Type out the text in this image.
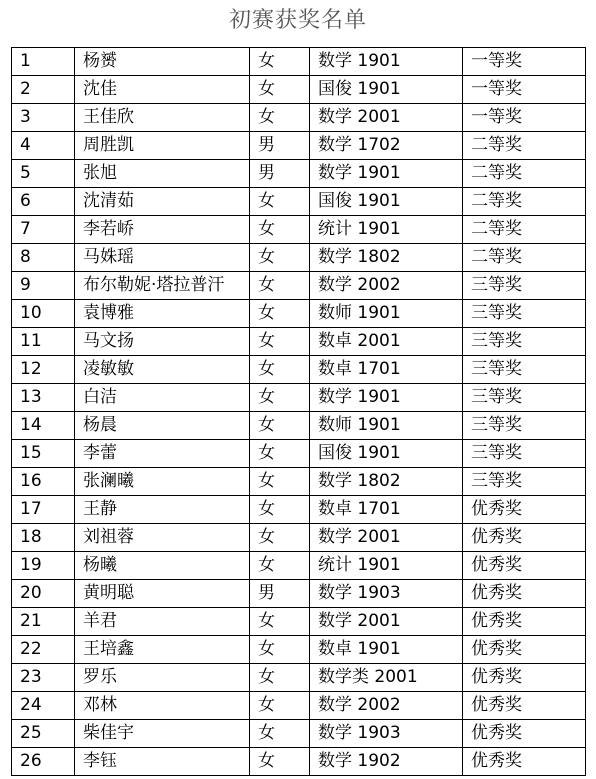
初赛获奖名单
1	杨赟	女	数学 1901	一等奖
2	沈佳	女	国俊 1901	一等奖
3	王佳欣	女	数学 2001	一等奖
4	周胜凯	男	数学 1702	二等奖
5	张旭	男	数学 1901	二等奖
6	沈清茹	女	国俊 1901	二等奖
7	李若峤	女	统计 1901	二等奖
8	马姝瑶	女	数学 1802	二等奖
9	布尔勒妮·塔拉普汗	女	数学 2002	三等奖
10	袁博雅	女	数师 1901	三等奖
11	马文扬	女	数卓 2001	三等奖
12	凌敏敏	女	数卓 1701	三等奖
13	白洁	女	数学 1901	三等奖
14	杨晨	女	数师 1901	三等奖
15	李蕾	女	国俊 1901	三等奖
16	张澜曦	女	数学 1802	三等奖
17	王静	女	数卓 1701	优秀奖
18	刘祖蓉	女	数学 2001	优秀奖
19	杨曦	女	统计 1901	优秀奖
20	黄明聪	男	数学 1903	优秀奖
21	羊君	女	数学 2001	优秀奖
22	王培鑫	女	数卓 1901	优秀奖
23	罗乐	女	数学类 2001	优秀奖
24	邓林	女	数学 2002	优秀奖
25	柴佳宇	女	数学 1903	优秀奖
26	李钰	女	数学 1902	优秀奖
